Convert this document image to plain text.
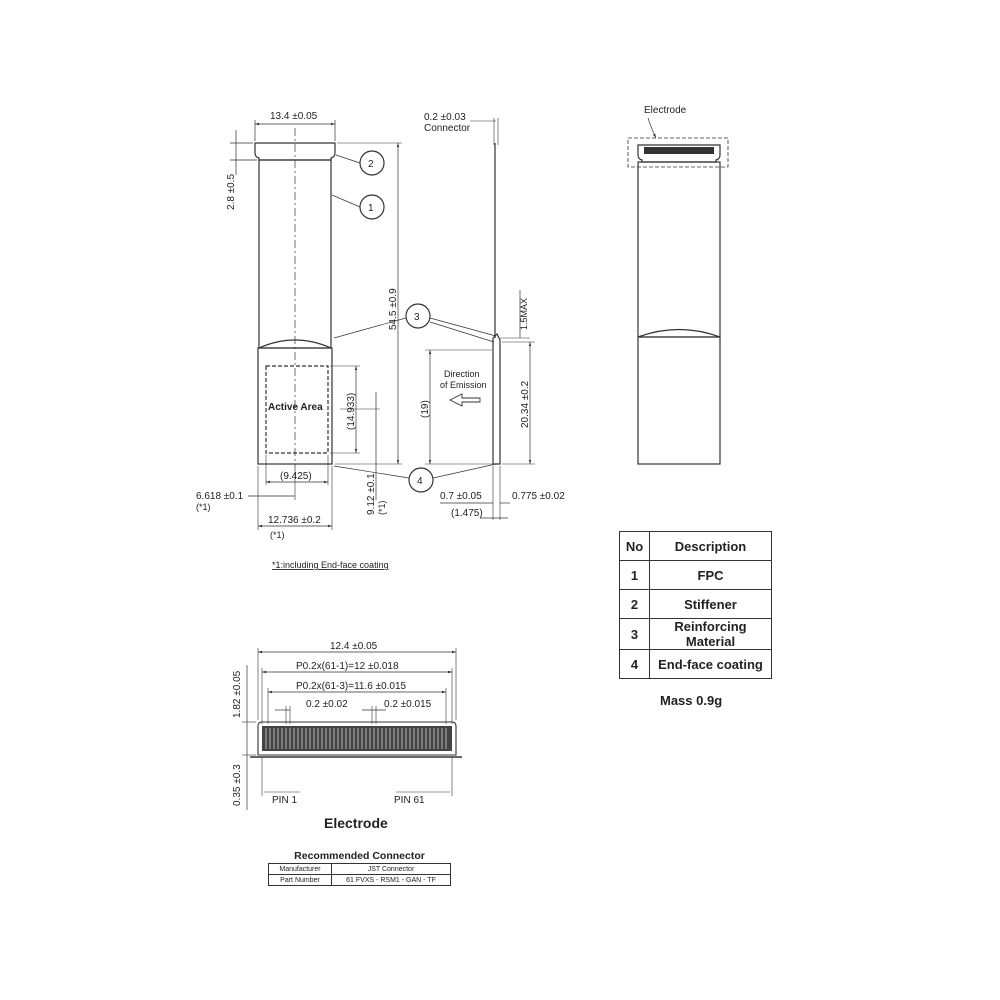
13.4 ±0.05
2.8 ±0.5
54.5 ±0.9
Active Area (14.933)
(9.425)
6.618 ±0.1
(*1)	9.12 ±0.1 (*1)
12.736 ±0.2
(*1)
*1:including End-face coating
2
1
3
4
0.2 ±0.03
Connector
1.5MAX
Direction
of Emission
(19)	20.34 ±0.2
0.7 ±0.05	0.775 ±0.02
(1.475)
Electrode
12.4 ±0.05
P0.2x(61-1)=12 ±0.018
P0.2x(61-3)=11.6 ±0.015
0.2 ±0.02	0.2 ±0.015
1.82 ±0.05
0.35 ±0.3	PIN 1	PIN 61
Electrode
No	Description
1	FPC
2	Stiffener
3	Reinforcing Material
4	End-face coating
Mass 0.9g
Recommended Connector	
Manufacturer	JST Connector
Part Number	61 FVXS - RSM1 - GAN - TF
